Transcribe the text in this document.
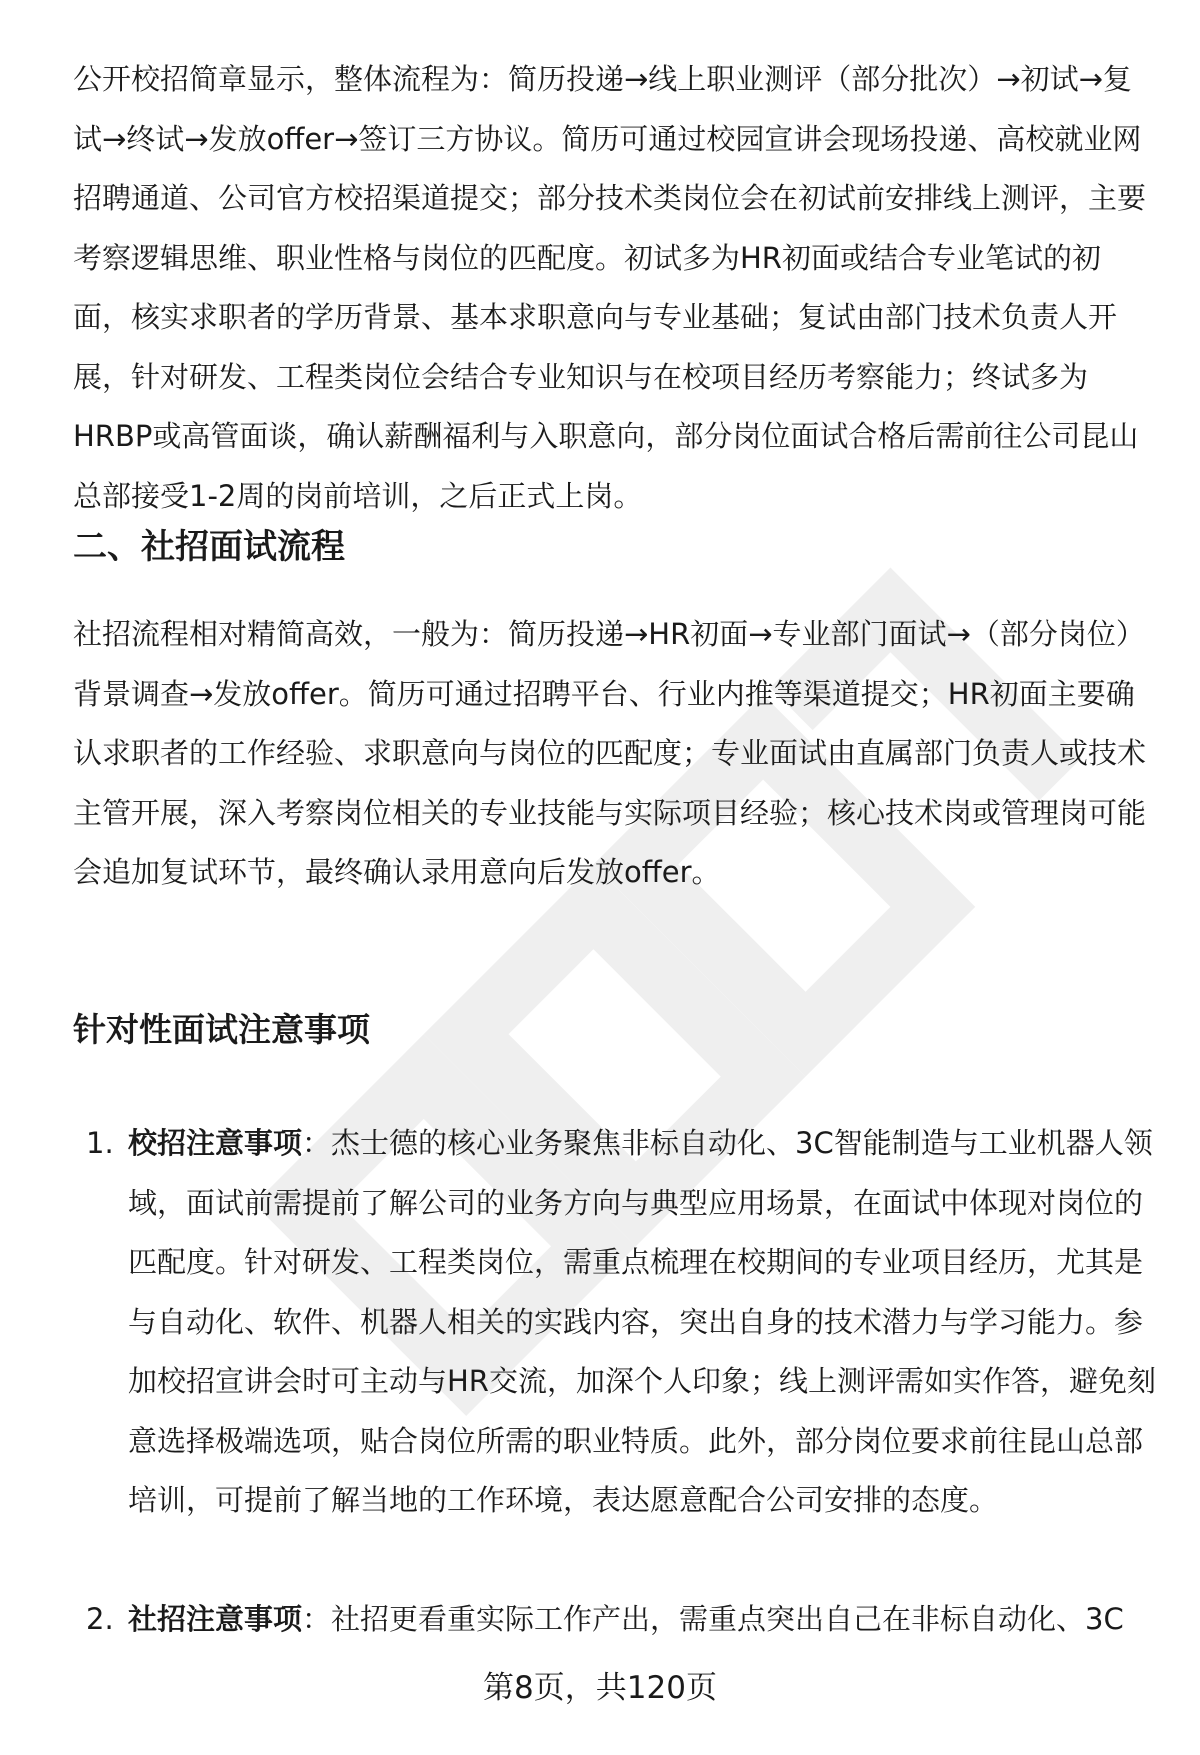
公开校招简章显示，整体流程为：简历投递→线上职业测评（部分批次）→初试→复试→终试→发放offer→签订三方协议。简历可通过校园宣讲会现场投递、高校就业网招聘通道、公司官方校招渠道提交；部分技术类岗位会在初试前安排线上测评，主要考察逻辑思维、职业性格与岗位的匹配度。初试多为HR初面或结合专业笔试的初面，核实求职者的学历背景、基本求职意向与专业基础；复试由部门技术负责人开展，针对研发、工程类岗位会结合专业知识与在校项目经历考察能力；终试多为HRBP或高管面谈，确认薪酬福利与入职意向，部分岗位面试合格后需前往公司昆山总部接受1-2周的岗前培训，之后正式上岗。

二、社招面试流程

社招流程相对精简高效，一般为：简历投递→HR初面→专业部门面试→（部分岗位）背景调查→发放offer。简历可通过招聘平台、行业内推等渠道提交；HR初面主要确认求职者的工作经验、求职意向与岗位的匹配度；专业面试由直属部门负责人或技术主管开展，深入考察岗位相关的专业技能与实际项目经验；核心技术岗或管理岗可能会追加复试环节，最终确认录用意向后发放offer。

针对性面试注意事项
1. 校招注意事项：杰士德的核心业务聚焦非标自动化、3C智能制造与工业机器人领域，面试前需提前了解公司的业务方向与典型应用场景，在面试中体现对岗位的匹配度。针对研发、工程类岗位，需重点梳理在校期间的专业项目经历，尤其是与自动化、软件、机器人相关的实践内容，突出自身的技术潜力与学习能力。参加校招宣讲会时可主动与HR交流，加深个人印象；线上测评需如实作答，避免刻意选择极端选项，贴合岗位所需的职业特质。此外，部分岗位要求前往昆山总部培训，可提前了解当地的工作环境，表达愿意配合公司安排的态度。

2. 社招注意事项：社招更看重实际工作产出，需重点突出自己在非标自动化、3C

第8页，共120页
